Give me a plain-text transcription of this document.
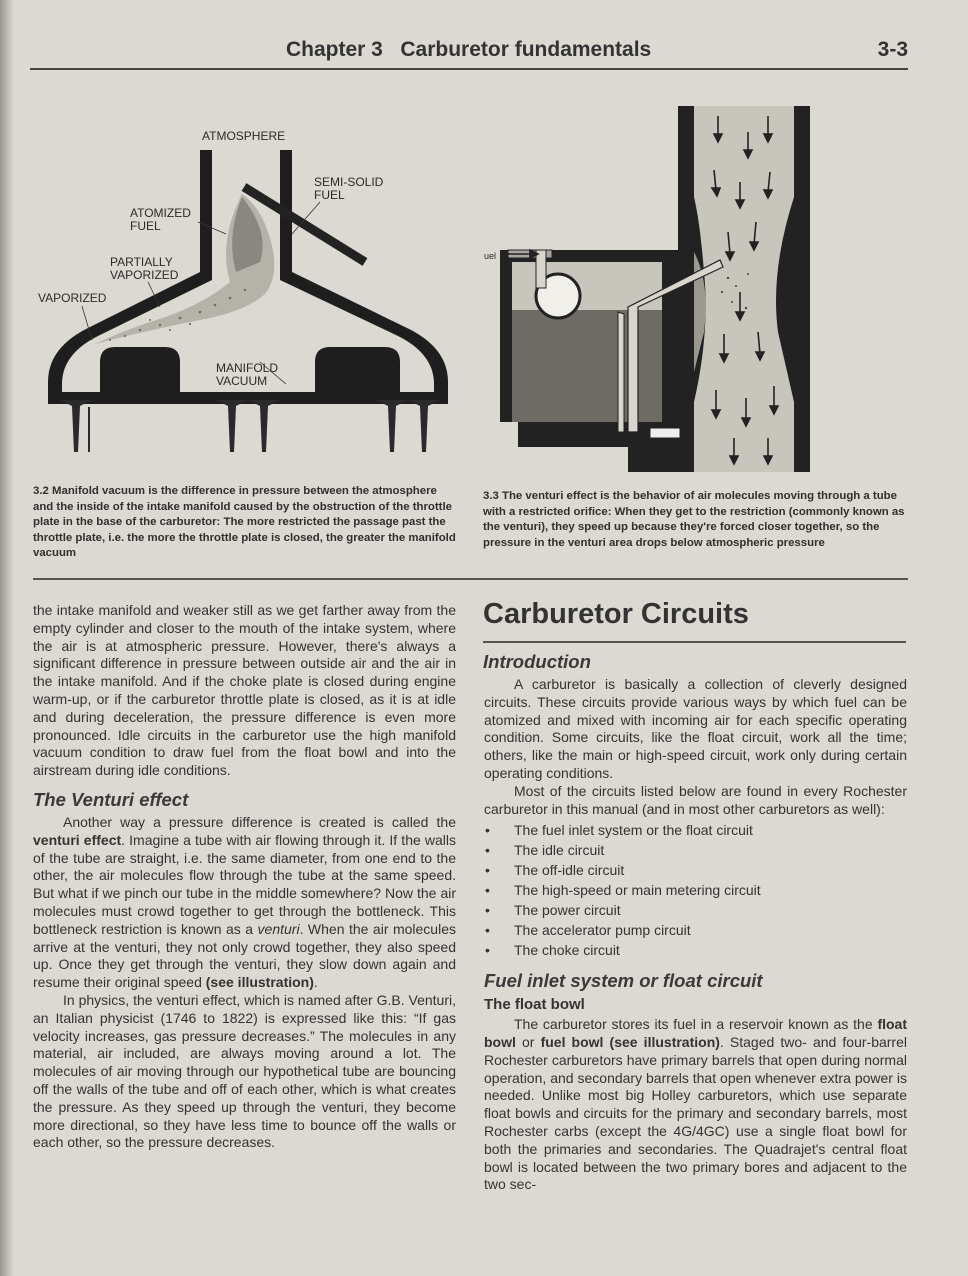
Chapter 3   Carburetor fundamentals	3-3
ATMOSPHERE
SEMI-SOLID
FUEL
ATOMIZED
FUEL
PARTIALLY
VAPORIZED
VAPORIZED
MANIFOLD
VACUUM
3.2 Manifold vacuum is the difference in pressure between the atmosphere and the inside of the intake manifold caused by the obstruction of the throttle plate in the base of the carburetor: The more restricted the passage past the throttle plate, i.e. the more the throttle plate is closed, the greater the manifold vacuum
uel
3.3 The venturi effect is the behavior of air molecules moving through a tube with a restricted orifice: When they get to the restriction (commonly known as the venturi), they speed up because they're forced closer together, so the pressure in the venturi area drops below atmospheric pressure

the intake manifold and weaker still as we get farther away from the empty cylinder and closer to the mouth of the intake system, where the air is at atmospheric pressure. However, there's always a significant difference in pressure between outside air and the air in the intake manifold. And if the choke plate is closed during engine warm-up, or if the carburetor throttle plate is closed, as it is at idle and during deceleration, the pressure difference is even more pronounced. Idle circuits in the carburetor use the high manifold vacuum condition to draw fuel from the float bowl and into the airstream during idle conditions.

The Venturi effect

Another way a pressure difference is created is called the venturi effect. Imagine a tube with air flowing through it. If the walls of the tube are straight, i.e. the same diameter, from one end to the other, the air molecules flow through the tube at the same speed. But what if we pinch our tube in the middle somewhere? Now the air molecules must crowd together to get through the bottleneck. This bottleneck restriction is known as a venturi. When the air molecules arrive at the venturi, they not only crowd together, they also speed up. Once they get through the venturi, they slow down again and resume their original speed (see illustration).

In physics, the venturi effect, which is named after G.B. Venturi, an Italian physicist (1746 to 1822) is expressed like this: “If gas velocity increases, gas pressure decreases.” The molecules in any material, air included, are always moving around a lot. The molecules of air moving through our hypothetical tube are bouncing off the walls of the tube and off of each other, which is what creates the pressure. As they speed up through the venturi, they become more directional, so they have less time to bounce off the walls or each other, so the pressure decreases.

Carburetor Circuits
Introduction

A carburetor is basically a collection of cleverly designed circuits. These circuits provide various ways by which fuel can be atomized and mixed with incoming air for each specific operating condition. Some circuits, like the float circuit, work all the time; others, like the main or high-speed circuit, work only during certain operating conditions.

Most of the circuits listed below are found in every Rochester carburetor in this manual (and in most other carburetors as well):

• The fuel inlet system or the float circuit
• The idle circuit
• The off-idle circuit
• The high-speed or main metering circuit
• The power circuit
• The accelerator pump circuit
• The choke circuit
Fuel inlet system or float circuit
The float bowl

The carburetor stores its fuel in a reservoir known as the float bowl or fuel bowl (see illustration). Staged two- and four-barrel Rochester carburetors have primary barrels that open during normal operation, and secondary barrels that open whenever extra power is needed. Unlike most big Holley carburetors, which use separate float bowls and circuits for the primary and secondary barrels, most Rochester carbs (except the 4G/4GC) use a single float bowl for both the primaries and secondaries. The Quadrajet's central float bowl is located between the two primary bores and adjacent to the two sec-
